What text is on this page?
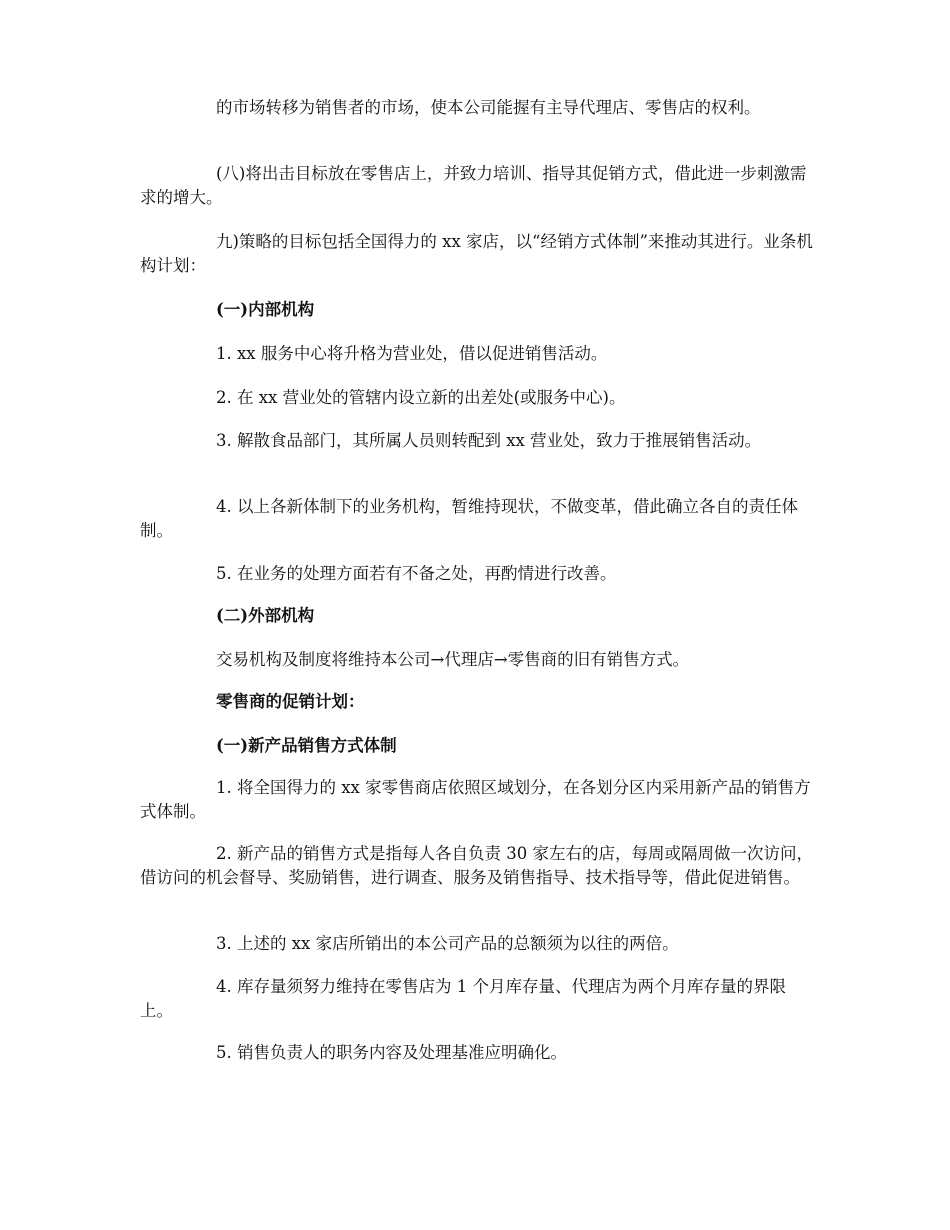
的市场转移为销售者的市场，使本公司能握有主导代理店、零售店的权利。

(八)将出击目标放在零售店上，并致力培训、指导其促销方式，借此进一步刺激需求的增大。

九)策略的目标包括全国得力的 xx 家店，以“经销方式体制”来推动其进行。业条机构计划：

(一)内部机构

1. xx 服务中心将升格为营业处，借以促进销售活动。

2. 在 xx 营业处的管辖内设立新的出差处(或服务中心)。

3. 解散食品部门，其所属人员则转配到 xx 营业处，致力于推展销售活动。

4. 以上各新体制下的业务机构，暂维持现状，不做变革，借此确立各自的责任体制。

5. 在业务的处理方面若有不备之处，再酌情进行改善。

(二)外部机构

交易机构及制度将维持本公司→代理店→零售商的旧有销售方式。

零售商的促销计划：

(一)新产品销售方式体制

1. 将全国得力的 xx 家零售商店依照区域划分，在各划分区内采用新产品的销售方式体制。

2. 新产品的销售方式是指每人各自负责 30 家左右的店，每周或隔周做一次访问，借访问的机会督导、奖励销售，进行调查、服务及销售指导、技术指导等，借此促进销售。

3. 上述的 xx 家店所销出的本公司产品的总额须为以往的两倍。

4. 库存量须努力维持在零售店为 1 个月库存量、代理店为两个月库存量的界限上。

5. 销售负责人的职务内容及处理基准应明确化。
